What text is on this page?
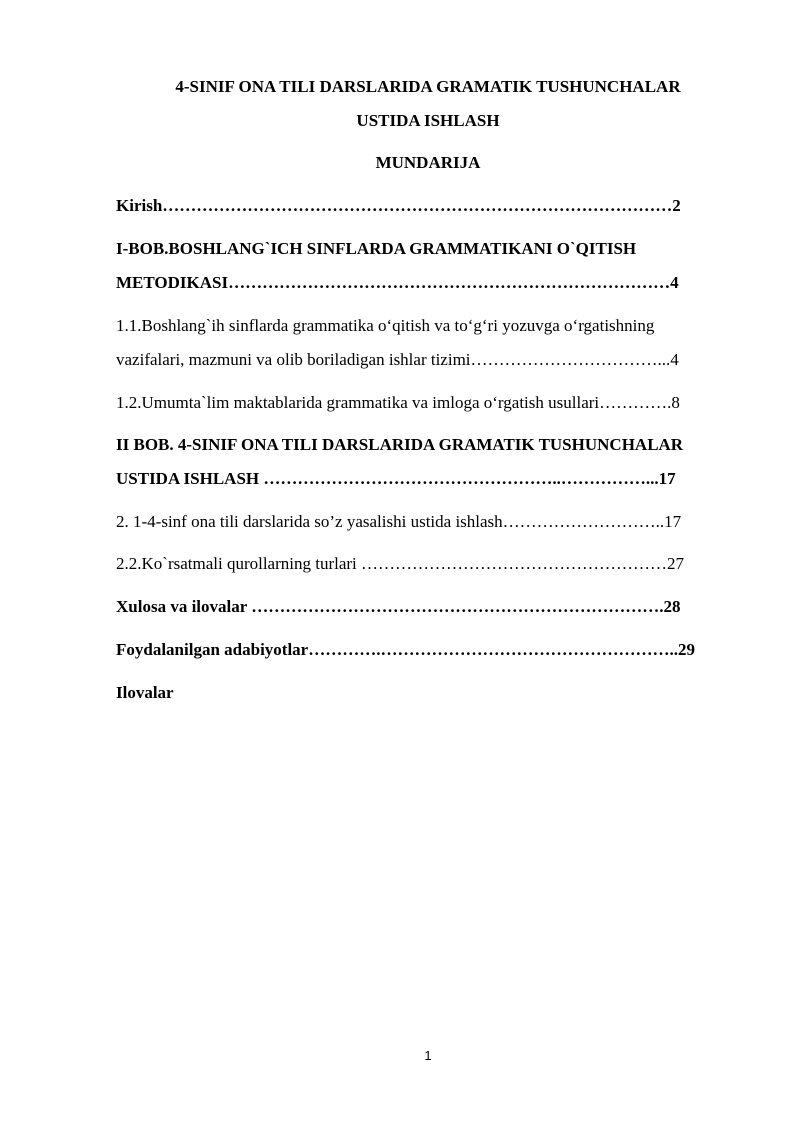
4-SINIF ONA TILI DARSLARIDA GRAMATIK TUSHUNCHALAR
USTIDA ISHLASH
MUNDARIJA
Kirish………………………………………………………………………………2
I-BOB.BOSHLANG`ICH SINFLARDA GRAMMATIKANI O`QITISH
METODIKASI……………………………………………………………………4
1.1.Boshlang`ih sinflarda grammatika o‘qitish va to‘g‘ri yozuvga o‘rgatishning
vazifalari, mazmuni va olib boriladigan ishlar tizimi……………………………...4
1.2.Umumta`lim maktablarida grammatika va imloga o‘rgatish usullari………….8
II BOB. 4-SINIF ONA TILI DARSLARIDA GRAMATIK TUSHUNCHALAR
USTIDA ISHLASH ……………………………………………..……………...17
2. 1-4-sinf ona tili darslarida so’z yasalishi ustida ishlash………………………..17
2.2.Ko`rsatmali qurollarning turlari ………………………………………………27
Xulosa va ilovalar ……………………………………………………………….28
Foydalanilgan adabiyotlar………….……………………………………………..29
Ilovalar
1
